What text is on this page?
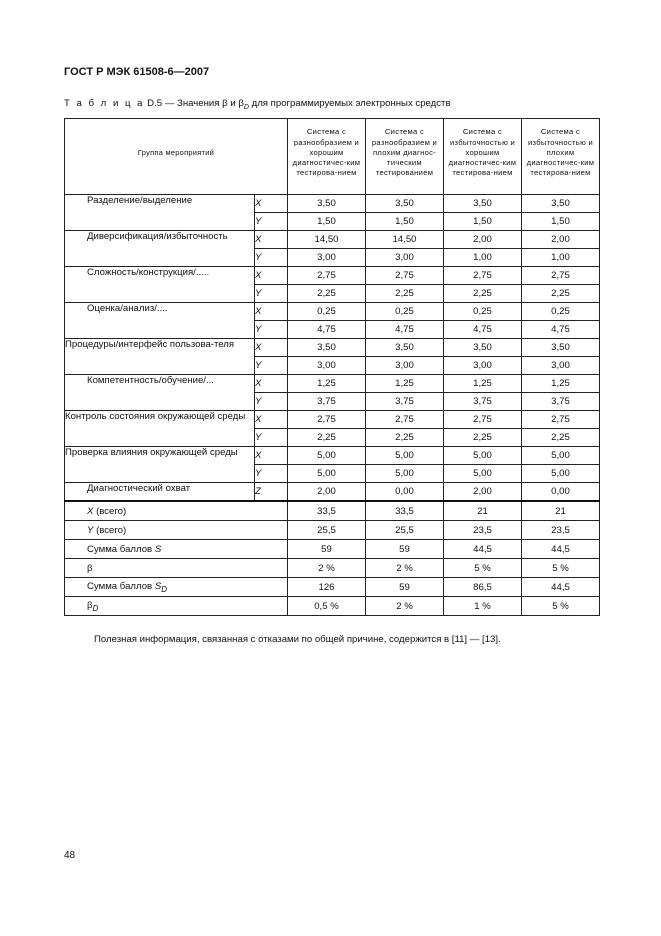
ГОСТ Р МЭК 61508-6—2007
Т а б л и ц а D.5 — Значения β и $\beta_D$ для программируемых электронных средств
Группа мероприятий		Система с разнообразием и хорошим диагностичес-ким тестирова-нием	Система с разнообразием и плохим диагнос-тическим тестированием	Система с избыточностью и хорошим диагностичес-ким тестирова-нием	Система с избыточностью и плохим диагностичес-ким тестирова-нием

Разделение/выделение	X	3,50	3,50	3,50	3,50
	Y	1,50	1,50	1,50	1,50

Диверсификация/избыточность	X	14,50	14,50	2,00	2,00
	Y	3,00	3,00	1,00	1,00

Сложность/конструкция/.....	X	2,75	2,75	2,75	2,75
	Y	2,25	2,25	2,25	2,25

Оценка/анализ/....	X	0,25	0,25	0,25	0,25
	Y	4,75	4,75	4,75	4,75

Процедуры/интерфейс пользова-теля	X	3,50	3,50	3,50	3,50
	Y	3,00	3,00	3,00	3,00

Компетентность/обучение/...	X	1,25	1,25	1,25	1,25
	Y	3,75	3,75	3,75	3,75

Контроль состояния окружающей среды	X	2,75	2,75	2,75	2,75
	Y	2,25	2,25	2,25	2,25

Проверка влияния окружающей среды	X	5,00	5,00	5,00	5,00
	Y	5,00	5,00	5,00	5,00

Диагностический охват	Z	2,00	0,00	2,00	0,00
X (всего)		33,5	33,5	21	21
Y (всего)		25,5	25,5	23,5	23,5
Сумма баллов S		59	59	44,5	44,5
β		2 %	2 %	5 %	5 %
Сумма баллов $S_D$		126	59	86,5	44,5
$\beta_D$		0,5 %	2 %	1 %	5 %
Полезная информация, связанная с отказами по общей причине, содержится в [11] — [13].
48
